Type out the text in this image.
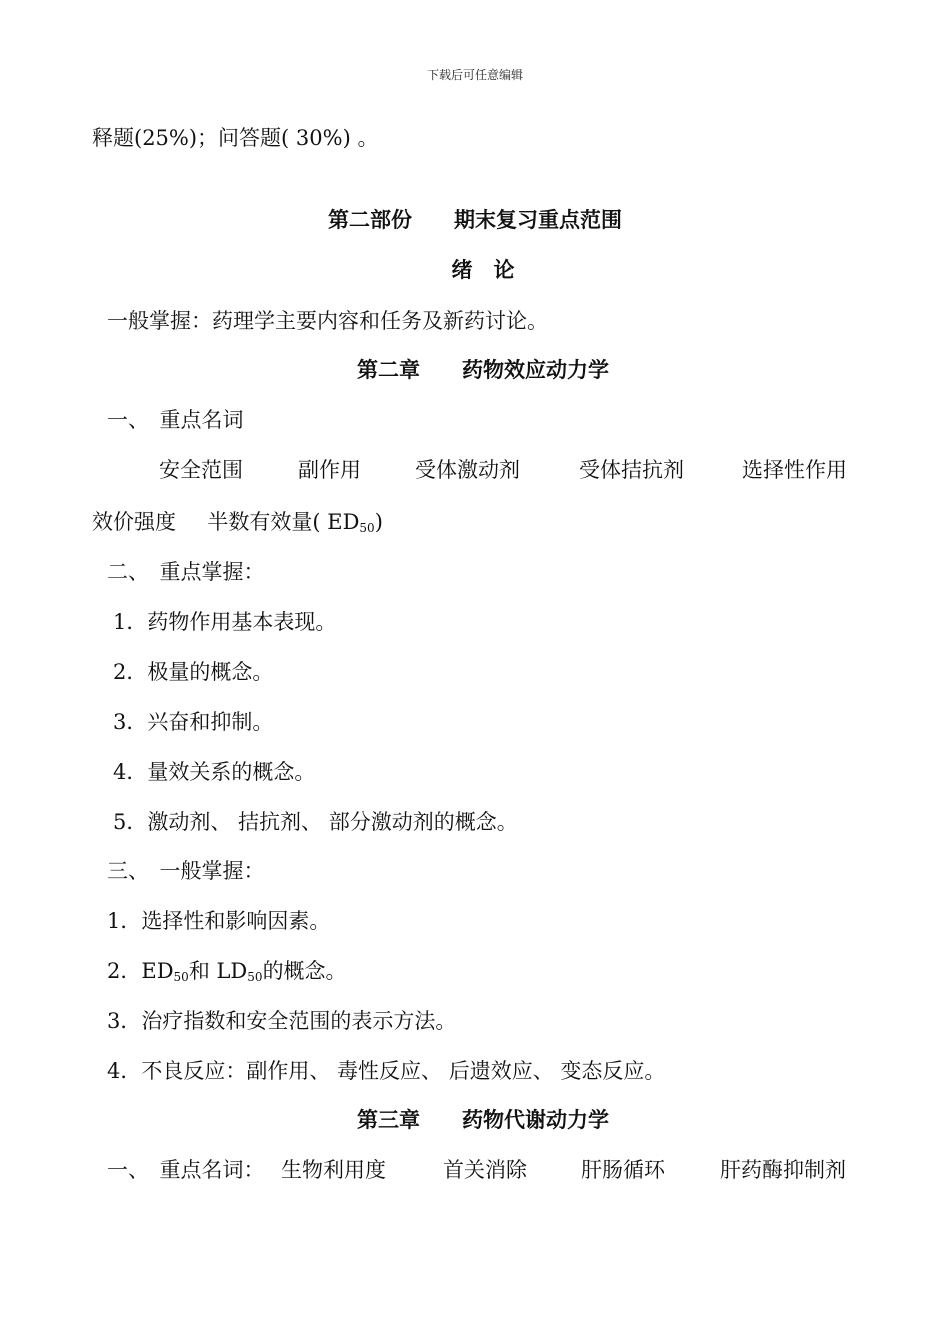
下载后可任意编辑
释题(25%)；问答题( 30%) 。
第二部份　　期末复习重点范围
绪　论
一般掌握：药理学主要内容和任务及新药讨论。
第二章　　药物效应动力学
一、　重点名词
安全范围	副作用	受体激动剂	受体拮抗剂	选择性作用
效价强度 半数有效量( $ED_{50}$)
二、　重点掌握：
1．药物作用基本表现。
2．极量的概念。
3．兴奋和抑制。
4．量效关系的概念。
5．激动剂、 拮抗剂、 部分激动剂的概念。
三、　一般掌握：
1．选择性和影响因素。
2．$ED_{50}$和 $LD_{50}$的概念。
3．治疗指数和安全范围的表示方法。
4．不良反应：副作用、 毒性反应、 后遗效应、 变态反应。
第三章　　药物代谢动力学
一、　重点名词： 生物利用度	首关消除	肝肠循环	肝药酶抑制剂
